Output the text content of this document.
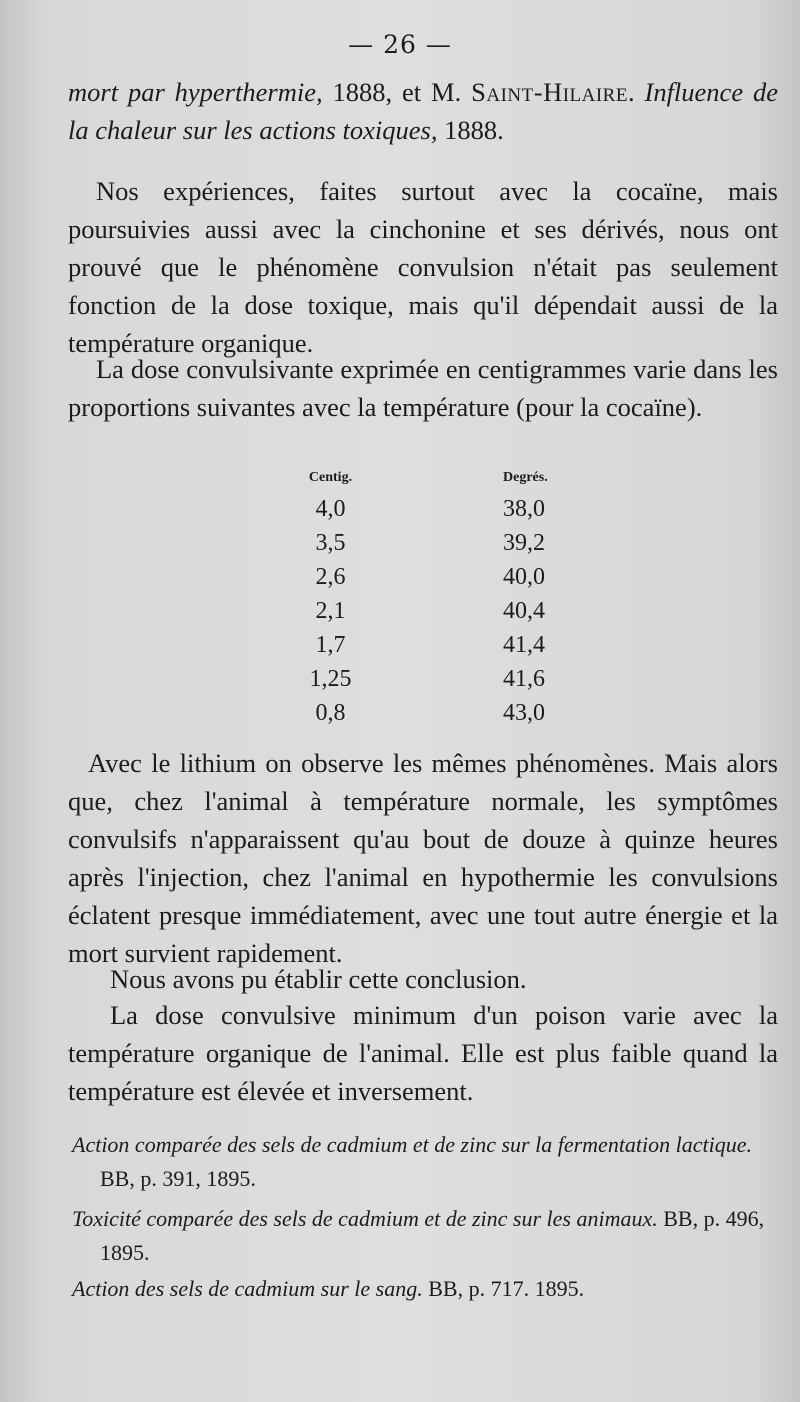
— 26 —
mort par hyperthermie, 1888, et M. Saint-Hilaire. Influence de la chaleur sur les actions toxiques, 1888.
Nos expériences, faites surtout avec la cocaïne, mais poursuivies aussi avec la cinchonine et ses dérivés, nous ont prouvé que le phénomène convulsion n'était pas seulement fonction de la dose toxique, mais qu'il dépendait aussi de la température organique.
La dose convulsivante exprimée en centigrammes varie dans les proportions suivantes avec la température (pour la cocaïne).
Centig.	Degrés.
4,0	38,0
3,5	39,2
2,6	40,0
2,1	40,4
1,7	41,4
1,25	41,6
0,8	43,0
Avec le lithium on observe les mêmes phénomènes. Mais alors que, chez l'animal à température normale, les symptômes convulsifs n'apparaissent qu'au bout de douze à quinze heures après l'injection, chez l'animal en hypothermie les convulsions éclatent presque immédiatement, avec une tout autre énergie et la mort survient rapidement.
Nous avons pu établir cette conclusion.
La dose convulsive minimum d'un poison varie avec la température organique de l'animal. Elle est plus faible quand la température est élevée et inversement.
Action comparée des sels de cadmium et de zinc sur la fermentation lactique. BB, p. 391, 1895.
Toxicité comparée des sels de cadmium et de zinc sur les animaux. BB, p. 496, 1895.
Action des sels de cadmium sur le sang. BB, p. 717. 1895.
